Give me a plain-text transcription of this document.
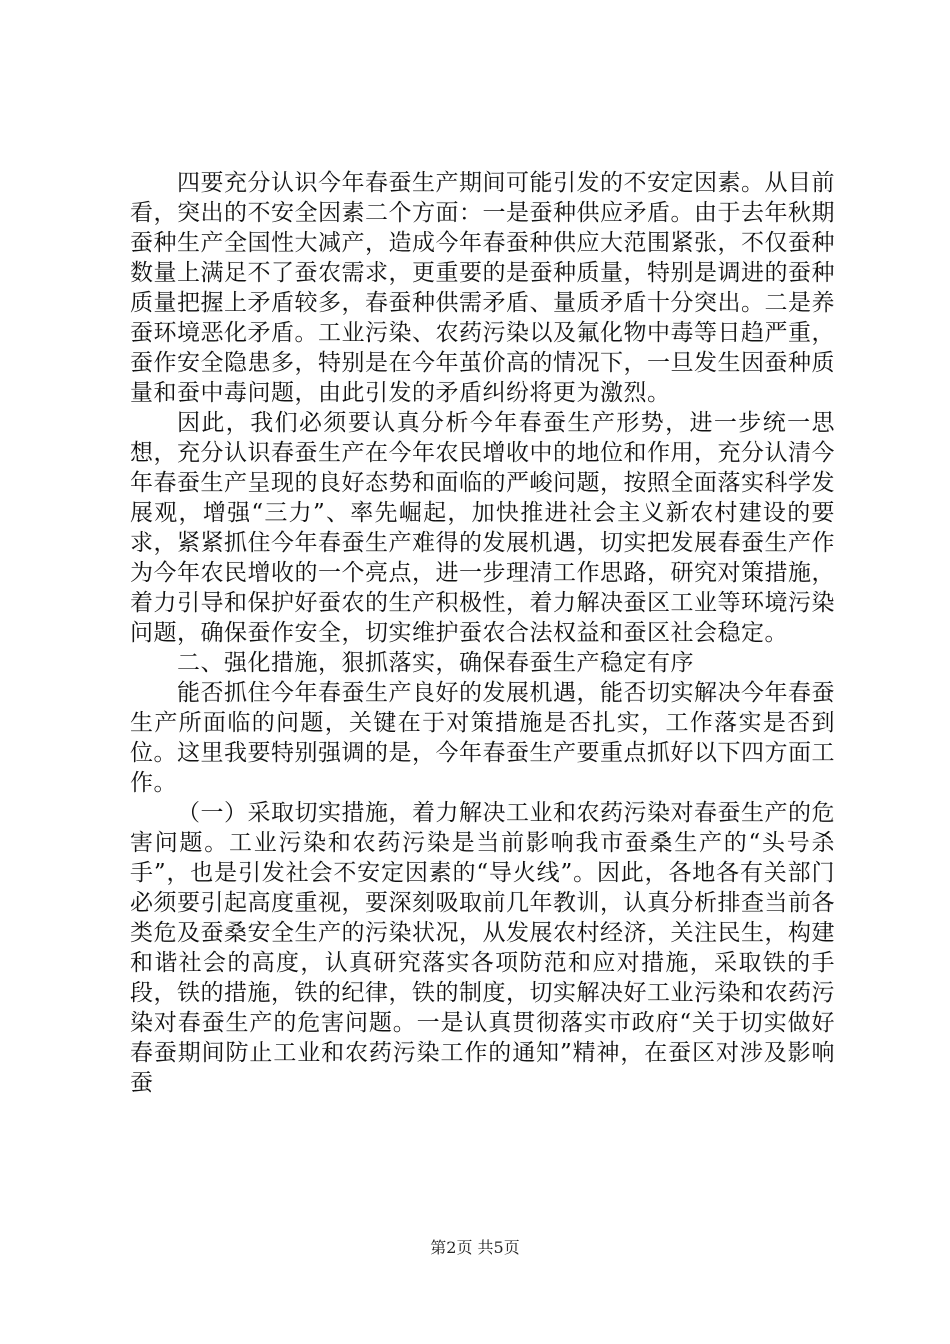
四要充分认识今年春蚕生产期间可能引发的不安定因素。从目前看，突出的不安全因素二个方面：一是蚕种供应矛盾。由于去年秋期蚕种生产全国性大减产，造成今年春蚕种供应大范围紧张，不仅蚕种数量上满足不了蚕农需求，更重要的是蚕种质量，特别是调进的蚕种质量把握上矛盾较多，春蚕种供需矛盾、量质矛盾十分突出。二是养蚕环境恶化矛盾。工业污染、农药污染以及氟化物中毒等日趋严重，蚕作安全隐患多，特别是在今年茧价高的情况下，一旦发生因蚕种质量和蚕中毒问题，由此引发的矛盾纠纷将更为激烈。

因此，我们必须要认真分析今年春蚕生产形势，进一步统一思想，充分认识春蚕生产在今年农民增收中的地位和作用，充分认清今年春蚕生产呈现的良好态势和面临的严峻问题，按照全面落实科学发展观，增强“三力”、率先崛起，加快推进社会主义新农村建设的要求，紧紧抓住今年春蚕生产难得的发展机遇，切实把发展春蚕生产作为今年农民增收的一个亮点，进一步理清工作思路，研究对策措施，着力引导和保护好蚕农的生产积极性，着力解决蚕区工业等环境污染问题，确保蚕作安全，切实维护蚕农合法权益和蚕区社会稳定。

二、强化措施，狠抓落实，确保春蚕生产稳定有序

能否抓住今年春蚕生产良好的发展机遇，能否切实解决今年春蚕生产所面临的问题，关键在于对策措施是否扎实，工作落实是否到位。这里我要特别强调的是，今年春蚕生产要重点抓好以下四方面工作。

（一）采取切实措施，着力解决工业和农药污染对春蚕生产的危害问题。工业污染和农药污染是当前影响我市蚕桑生产的“头号杀手”，也是引发社会不安定因素的“导火线”。因此，各地各有关部门必须要引起高度重视，要深刻吸取前几年教训，认真分析排查当前各类危及蚕桑安全生产的污染状况，从发展农村经济，关注民生，构建和谐社会的高度，认真研究落实各项防范和应对措施，采取铁的手段，铁的措施，铁的纪律，铁的制度，切实解决好工业污染和农药污染对春蚕生产的危害问题。一是认真贯彻落实市政府“关于切实做好春蚕期间防止工业和农药污染工作的通知”精神，在蚕区对涉及影响蚕

第2页 共5页
